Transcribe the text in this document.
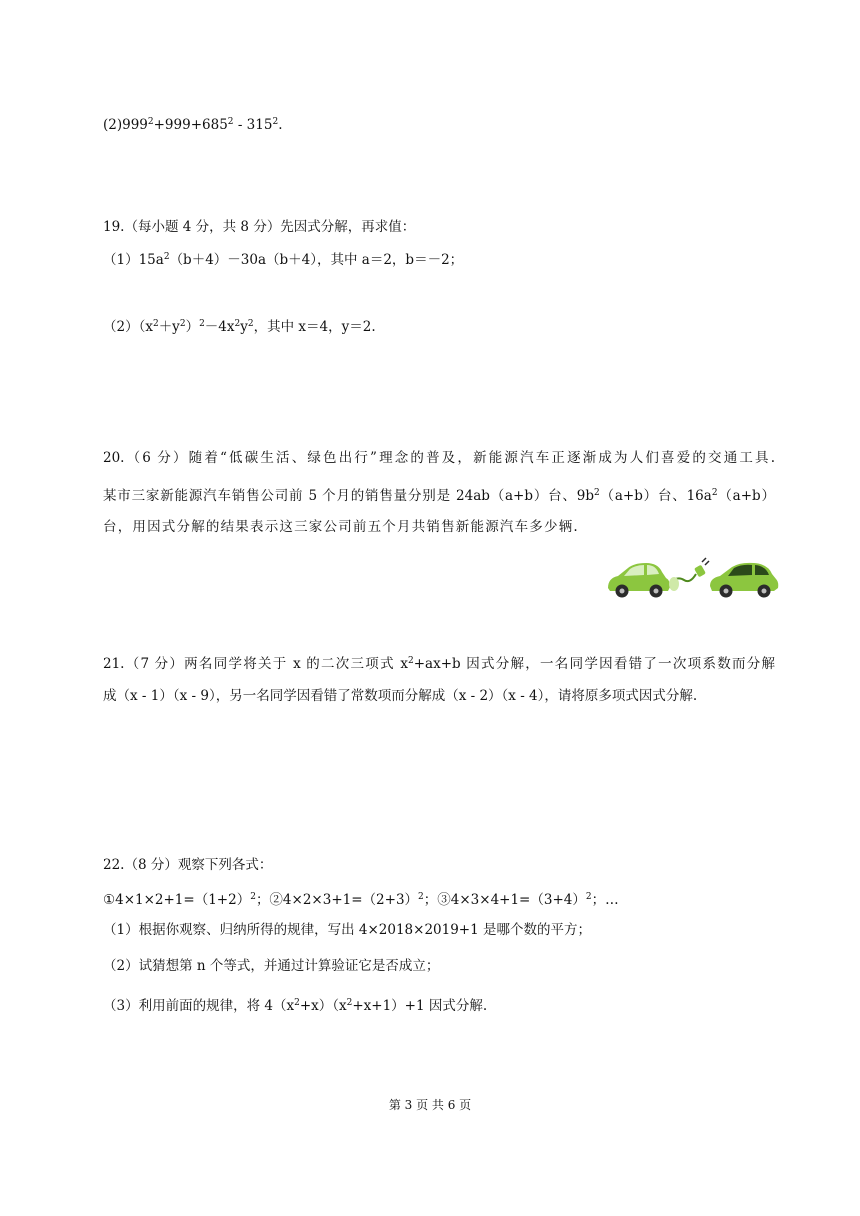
$(2)999^2+999+685^2 - 315^2$.
19.（每小题 4 分，共 8 分）先因式分解，再求值：
$(1)15a^2(b+4)-30a(b+4)$，其中 a＝2，b＝－2；
$(2)(x^2+y^2)^2-4x^2y^2$，其中 x＝4，y＝2.
20.（6 分）随着“低碳生活、绿色出行”理念的普及，新能源汽车正逐渐成为人们喜爱的交通工具.
某市三家新能源汽车销售公司前 5 个月的销售量分别是 24ab（a+b）台、$9b^2(a+b)$台、$16a^2(a+b)$
台，用因式分解的结果表示这三家公司前五个月共销售新能源汽车多少辆.
21.（7 分）两名同学将关于 x 的二次三项式 $x^2+ax+b$ 因式分解，一名同学因看错了一次项系数而分解
成（x - 1）（x - 9），另一名同学因看错了常数项而分解成（x - 2）（x - 4），请将原多项式因式分解.
22.（8 分）观察下列各式：
$①4\times 1\times 2+1=(1+2)^2$；$②4\times 2\times 3+1=(2+3)^2$；$③4\times 3\times 4+1=(3+4)^2$；…
（1）根据你观察、归纳所得的规律，写出 4×2018×2019+1 是哪个数的平方；
（2）试猜想第 n 个等式，并通过计算验证它是否成立；
（3）利用前面的规律，将 $4(x^2+x)(x^2+x+1)+1$ 因式分解.
第 3 页 共 6 页
